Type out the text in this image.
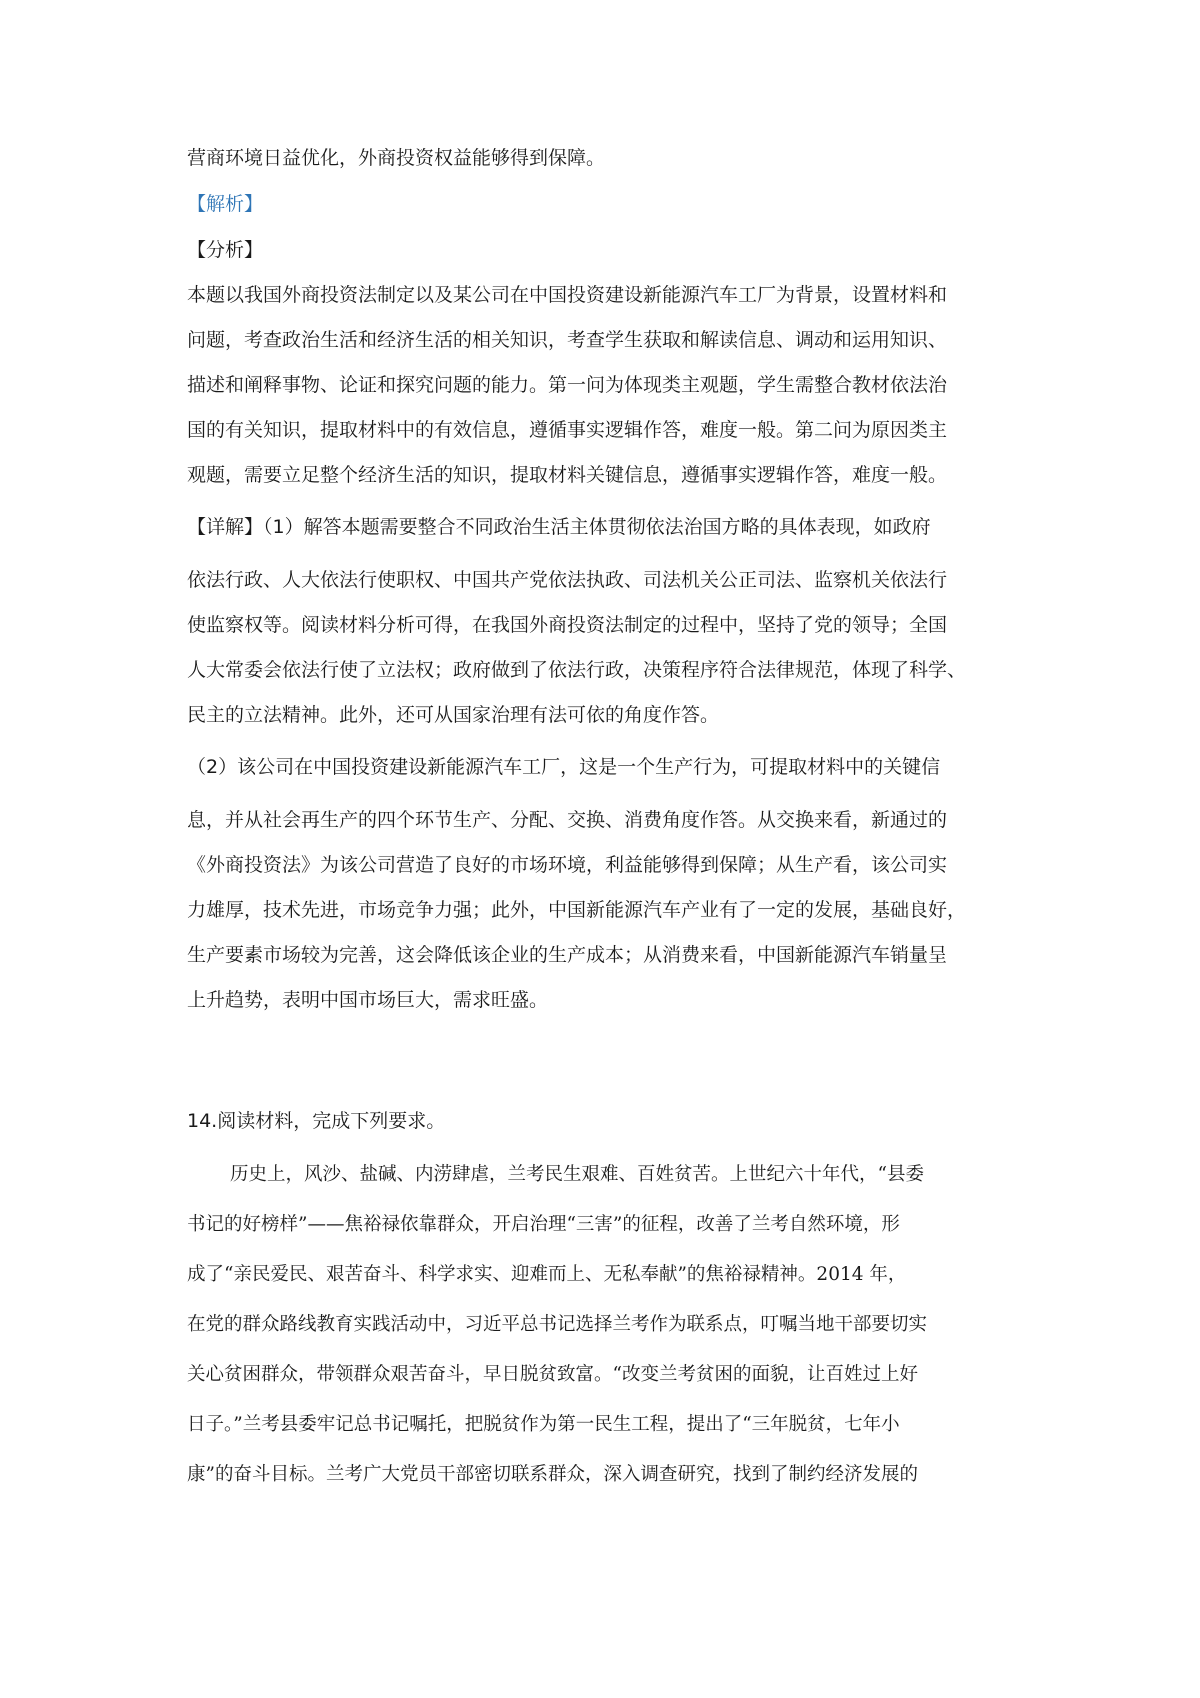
营商环境日益优化，外商投资权益能够得到保障。
【解析】
【分析】
本题以我国外商投资法制定以及某公司在中国投资建设新能源汽车工厂为背景，设置材料和
问题，考查政治生活和经济生活的相关知识，考查学生获取和解读信息、调动和运用知识、
描述和阐释事物、论证和探究问题的能力。第一问为体现类主观题，学生需整合教材依法治
国的有关知识，提取材料中的有效信息，遵循事实逻辑作答，难度一般。第二问为原因类主
观题，需要立足整个经济生活的知识，提取材料关键信息，遵循事实逻辑作答，难度一般。
【详解】（1）解答本题需要整合不同政治生活主体贯彻依法治国方略的具体表现，如政府
依法行政、人大依法行使职权、中国共产党依法执政、司法机关公正司法、监察机关依法行
使监察权等。阅读材料分析可得，在我国外商投资法制定的过程中，坚持了党的领导；全国
人大常委会依法行使了立法权；政府做到了依法行政，决策程序符合法律规范，体现了科学、
民主的立法精神。此外，还可从国家治理有法可依的角度作答。
（2）该公司在中国投资建设新能源汽车工厂，这是一个生产行为，可提取材料中的关键信
息，并从社会再生产的四个环节生产、分配、交换、消费角度作答。从交换来看，新通过的
《外商投资法》为该公司营造了良好的市场环境，利益能够得到保障；从生产看，该公司实
力雄厚，技术先进，市场竞争力强；此外，中国新能源汽车产业有了一定的发展，基础良好，
生产要素市场较为完善，这会降低该企业的生产成本；从消费来看，中国新能源汽车销量呈
上升趋势，表明中国市场巨大，需求旺盛。
14.阅读材料，完成下列要求。
历史上，风沙、盐碱、内涝肆虐，兰考民生艰难、百姓贫苦。上世纪六十年代，“县委
书记的好榜样”——焦裕禄依靠群众，开启治理“三害”的征程，改善了兰考自然环境，形
成了“亲民爱民、艰苦奋斗、科学求实、迎难而上、无私奉献”的焦裕禄精神。2014 年，
在党的群众路线教育实践活动中，习近平总书记选择兰考作为联系点，叮嘱当地干部要切实
关心贫困群众，带领群众艰苦奋斗，早日脱贫致富。“改变兰考贫困的面貌，让百姓过上好
日子。”兰考县委牢记总书记嘱托，把脱贫作为第一民生工程，提出了“三年脱贫，七年小
康”的奋斗目标。兰考广大党员干部密切联系群众，深入调查研究，找到了制约经济发展的
